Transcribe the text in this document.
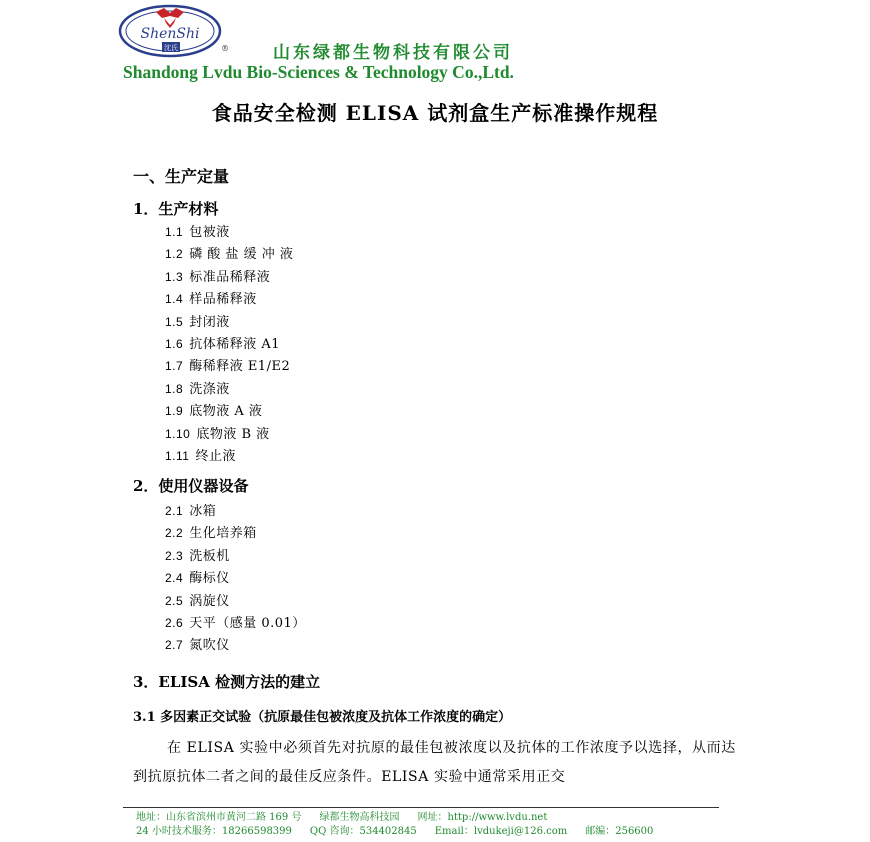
ShenShi
沈氏	®	山东绿都生物科技有限公司
Shandong Lvdu Bio-Sciences & Technology Co.,Ltd.
食品安全检测 ELISA 试剂盒生产标准操作规程
一、生产定量
1．生产材料
1.1 包被液
1.2 磷 酸 盐 缓 冲 液
1.3 标准品稀释液
1.4 样品稀释液
1.5 封闭液
1.6 抗体稀释液 A1
1.7 酶稀释液 E1/E2
1.8 洗涤液
1.9 底物液 A 液
1.10 底物液 B 液
1.11 终止液
2．使用仪器设备
2.1 冰箱
2.2 生化培养箱
2.3 洗板机
2.4 酶标仪
2.5 涡旋仪
2.6 天平（感量 0.01）
2.7 氮吹仪
3．ELISA 检测方法的建立
3.1 多因素正交试验（抗原最佳包被浓度及抗体工作浓度的确定）

在 ELISA 实验中必须首先对抗原的最佳包被浓度以及抗体的工作浓度予以选择，从而达到抗原抗体二者之间的最佳反应条件。ELISA 实验中通常采用正交

地址：山东省滨州市黄河二路 169 号 绿都生物高科技园 网址：http://www.lvdu.net
24 小时技术服务：18266598399 QQ 咨询：534402845 Email：lvdukeji@126.com 邮编：256600
